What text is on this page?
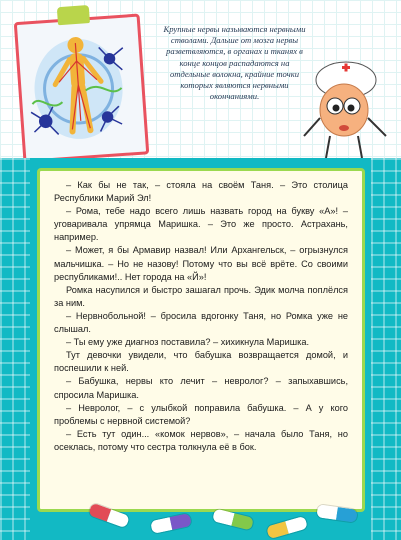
Крупные нервы называются нервными стволами. Дальше от мозга нервы разветвляются, в органах и тканях в конце концов распадаются на отдельные волокна, крайние точки которых являются нервными окончаниями.

– Как бы не так, – стояла на своём Таня. – Это столица Республики Марий Эл!

– Рома, тебе надо всего лишь назвать город на букву «А»! – уговаривала упрямца Маришка. – Это же просто. Астрахань, например.

– Может, я бы Армавир назвал! Или Архангельск, – огрызнулся мальчишка. – Но не назову! Потому что вы всё врёте. Со своими республиками!.. Нет города на «Й»!

Ромка насупился и быстро зашагал прочь. Эдик молча поплёлся за ним.

– Нервнобольной! – бросила вдогонку Таня, но Ромка уже не слышал.

– Ты ему уже диагноз поставила? – хихикнула Маришка.

Тут девочки увидели, что бабушка возвращается домой, и поспешили к ней.

– Бабушка, нервы кто лечит – невролог? – запыхавшись, спросила Маришка.

– Невролог, – с улыбкой поправила бабушка. – А у кого проблемы с нервной системой?

– Есть тут один... «комок нервов», – начала было Таня, но осеклась, потому что сестра толкнула её в бок.
